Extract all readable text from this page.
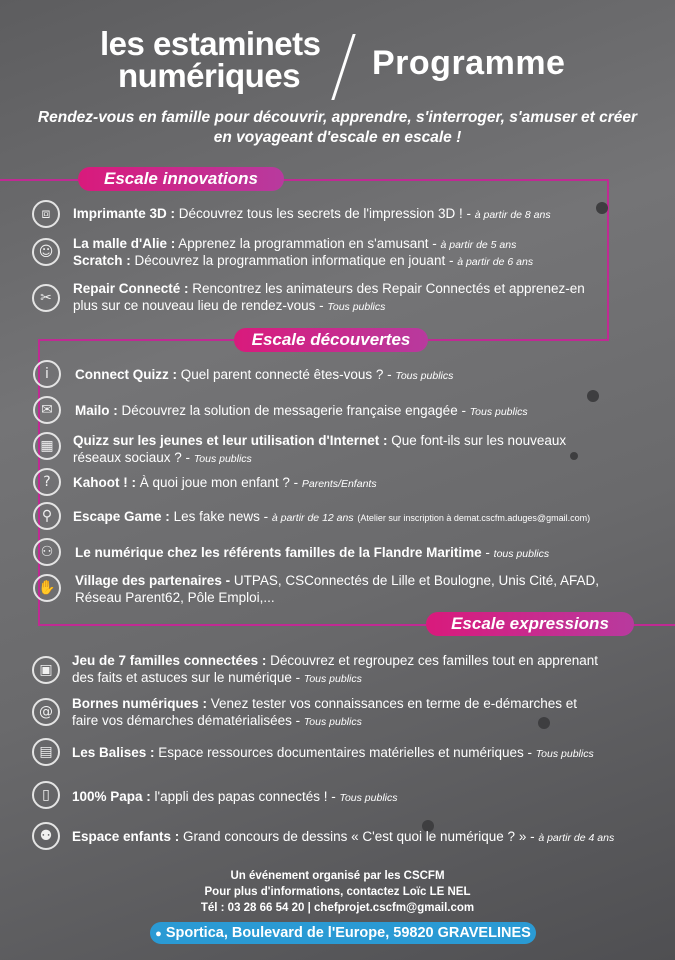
les estaminets
numériques Programme
Rendez-vous en famille pour découvrir, apprendre, s'interroger, s'amuser et créer
en voyageant d'escale en escale !
Escale innovations
Escale découvertes
Escale expressions
⧈	Imprimante 3D : Découvrez tous les secrets de l'impression 3D ! - à partir de 8 ans
☺
La malle d'Alie : Apprenez la programmation en s'amusant - à partir de 5 ans
Scratch : Découvrez la programmation informatique en jouant - à partir de 6 ans
✂
Repair Connecté : Rencontrez les animateurs des Repair Connectés et apprenez-en
plus sur ce nouveau lieu de rendez-vous - Tous publics
i	Connect Quizz : Quel parent connecté êtes-vous ? - Tous publics
✉	Mailo : Découvrez la solution de messagerie française engagée - Tous publics
▦	Quizz sur les jeunes et leur utilisation d'Internet : Que font-ils sur les nouveaux
réseaux sociaux ? - Tous publics
?	Kahoot ! : À quoi joue mon enfant ? - Parents/Enfants
⚲	Escape Game : Les fake news - à partir de 12 ans (Atelier sur inscription à demat.cscfm.aduges@gmail.com)
⚇	Le numérique chez les référents familles de la Flandre Maritime - tous publics
✋	Village des partenaires - UTPAS, CSConnectés de Lille et Boulogne, Unis Cité, AFAD,
Réseau Parent62, Pôle Emploi,...
▣
Jeu de 7 familles connectées : Découvrez et regroupez ces familles tout en apprenant
des faits et astuces sur le numérique - Tous publics
@
Bornes numériques : Venez tester vos connaissances en terme de e-démarches et
faire vos démarches dématérialisées - Tous publics
▤	Les Balises : Espace ressources documentaires matérielles et numériques - Tous publics
▯	100% Papa : l'appli des papas connectés ! - Tous publics
⚉	Espace enfants : Grand concours de dessins « C'est quoi le numérique ? » - à partir de 4 ans
Un événement organisé par les CSCFM
Pour plus d'informations, contactez Loïc LE NEL
Tél : 03 28 66 54 20 | chefprojet.cscfm@gmail.com
● Sportica, Boulevard de l'Europe, 59820 GRAVELINES
